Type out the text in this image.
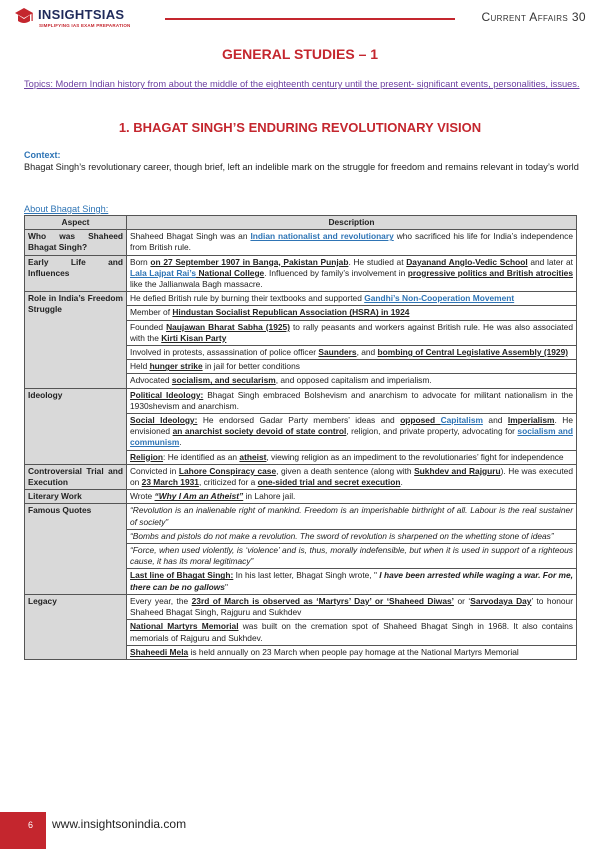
INSIGHTSIAS
SIMPLIFYING IAS EXAM PREPARATION
Current Affairs 30
GENERAL STUDIES – 1
Topics: Modern Indian history from about the middle of the eighteenth century until the present- significant events, personalities, issues.
1. BHAGAT SINGH’S ENDURING REVOLUTIONARY VISION
Context:
Bhagat Singh’s revolutionary career, though brief, left an indelible mark on the struggle for freedom and remains relevant in today’s world
About Bhagat Singh:
Aspect	Description
Who was Shaheed Bhagat Singh?	Shaheed Bhagat Singh was an Indian nationalist and revolutionary who sacrificed his life for India’s independence from British rule.
Early Life and Influences	Born on 27 September 1907 in Banga, Pakistan Punjab. He studied at Dayanand Anglo-Vedic School and later at Lala Lajpat Rai’s National College. Influenced by family’s involvement in progressive politics and British atrocities like the Jallianwala Bagh massacre.
Role in India’s Freedom Struggle	He defied British rule by burning their textbooks and supported Gandhi’s Non-Cooperation Movement
	Member of Hindustan Socialist Republican Association (HSRA) in 1924
	Founded Naujawan Bharat Sabha (1925) to rally peasants and workers against British rule. He was also associated with the Kirti Kisan Party
	Involved in protests, assassination of police officer Saunders, and bombing of Central Legislative Assembly (1929)
	Held hunger strike in jail for better conditions
	Advocated socialism, and secularism, and opposed capitalism and imperialism.
Ideology	Political Ideology: Bhagat Singh embraced Bolshevism and anarchism to advocate for militant nationalism in the 1930shevism and anarchism.
	Social Ideology: He endorsed Gadar Party members’ ideas and opposed Capitalism and Imperialism. He envisioned an anarchist society devoid of state control, religion, and private property, advocating for socialism and communism.
	Religion: He identified as an atheist, viewing religion as an impediment to the revolutionaries’ fight for independence
Controversial Trial and Execution	Convicted in Lahore Conspiracy case, given a death sentence (along with Sukhdev and Rajguru). He was executed on 23 March 1931, criticized for a one-sided trial and secret execution.
Literary Work	Wrote “Why I Am an Atheist” in Lahore jail.
Famous Quotes	“Revolution is an inalienable right of mankind. Freedom is an imperishable birthright of all. Labour is the real sustainer of society”
	“Bombs and pistols do not make a revolution. The sword of revolution is sharpened on the whetting stone of ideas”
	“Force, when used violently, is ‘violence’ and is, thus, morally indefensible, but when it is used in support of a righteous cause, it has its moral legitimacy”
	Last line of Bhagat Singh: In his last letter, Bhagat Singh wrote, " I have been arrested while waging a war. For me, there can be no gallows"
Legacy	Every year, the 23rd of March is observed as ‘Martyrs’ Day’ or ‘Shaheed Diwas’ or ‘Sarvodaya Day’ to honour Shaheed Bhagat Singh, Rajguru and Sukhdev
	National Martyrs Memorial was built on the cremation spot of Shaheed Bhagat Singh in 1968. It also contains memorials of Rajguru and Sukhdev.
	Shaheedi Mela is held annually on 23 March when people pay homage at the National Martyrs Memorial
6 www.insightsonindia.com
